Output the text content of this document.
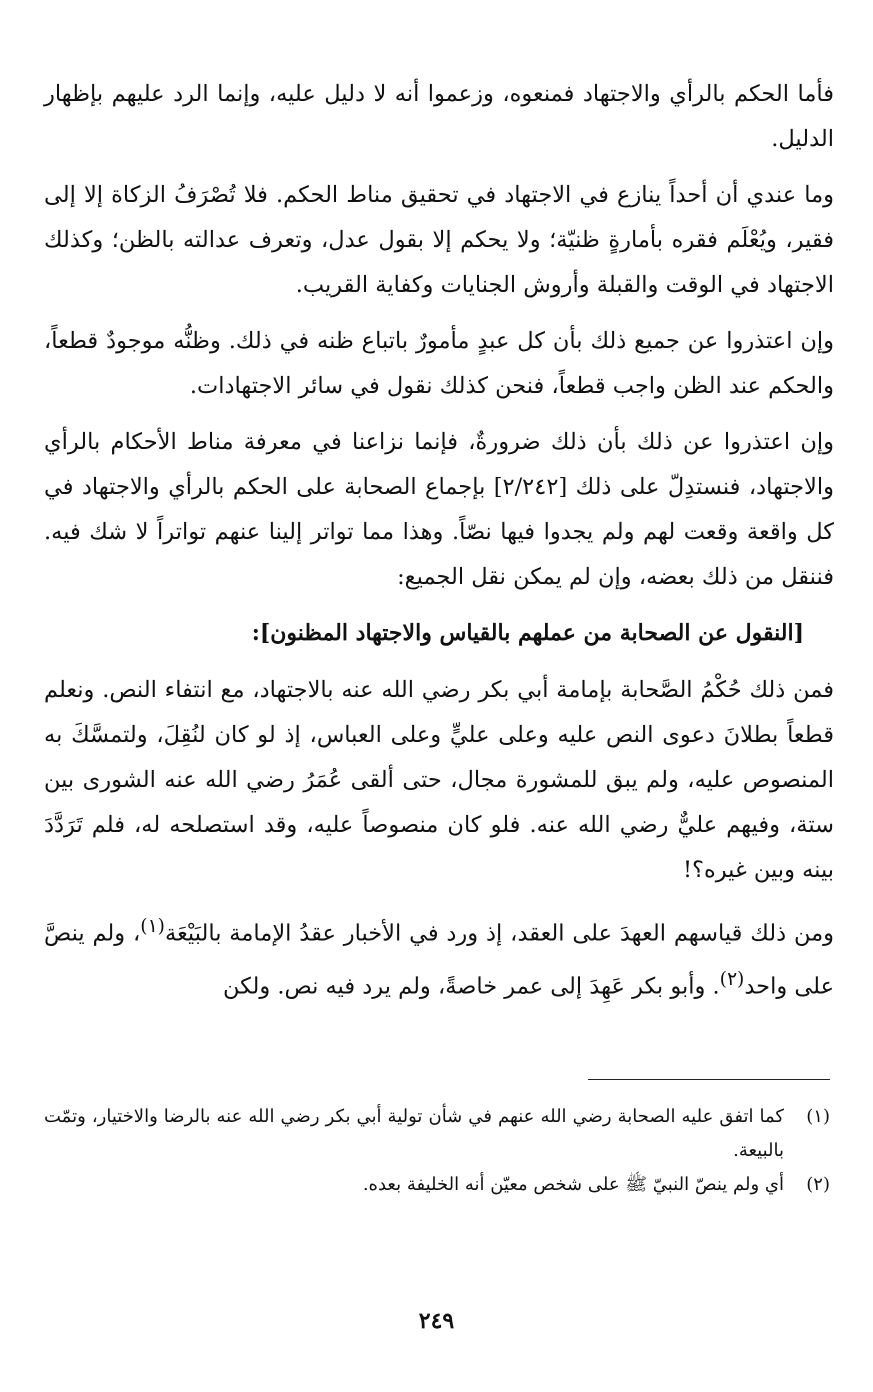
فأما الحكم بالرأي والاجتهاد فمنعوه، وزعموا أنه لا دليل عليه، وإنما الرد عليهم بإظهار الدليل.

وما عندي أن أحداً ينازع في الاجتهاد في تحقيق مناط الحكم. فلا تُصْرَفُ الزكاة إلا إلى فقير، ويُعْلَم فقره بأمارةٍ ظنيّة؛ ولا يحكم إلا بقول عدل، وتعرف عدالته بالظن؛ وكذلك الاجتهاد في الوقت والقبلة وأروش الجنايات وكفاية القريب.

وإن اعتذروا عن جميع ذلك بأن كل عبدٍ مأمورٌ باتباع ظنه في ذلك. وظنُّه موجودٌ قطعاً، والحكم عند الظن واجب قطعاً، فنحن كذلك نقول في سائر الاجتهادات.

وإن اعتذروا عن ذلك بأن ذلك ضرورةٌ، فإنما نزاعنا في معرفة مناط الأحكام بالرأي والاجتهاد، فنستدِلّ على ذلك [٢/٢٤٢] بإجماع الصحابة على الحكم بالرأي والاجتهاد في كل واقعة وقعت لهم ولم يجدوا فيها نصّاً. وهذا مما تواتر إلينا عنهم تواتراً لا شك فيه. فننقل من ذلك بعضه، وإن لم يمكن نقل الجميع:

[النقول عن الصحابة من عملهم بالقياس والاجتهاد المظنون]:

فمن ذلك حُكْمُ الصَّحابة بإمامة أبي بكر رضي الله عنه بالاجتهاد، مع انتفاء النص. ونعلم قطعاً بطلانَ دعوى النص عليه وعلى عليٍّ وعلى العباس، إذ لو كان لنُقِلَ، ولتمسَّكَ به المنصوص عليه، ولم يبق للمشورة مجال، حتى ألقى عُمَرُ رضي الله عنه الشورى بين ستة، وفيهم عليٌّ رضي الله عنه. فلو كان منصوصاً عليه، وقد استصلحه له، فلم تَرَدَّدَ بينه وبين غيره؟!

ومن ذلك قياسهم العهدَ على العقد، إذ ورد في الأخبار عقدُ الإمامة بالبَيْعَة$^{(١)}$، ولم ينصَّ على واحد$^{(٢)}$. وأبو بكر عَهِدَ إلى عمر خاصةً، ولم يرد فيه نص. ولكن

(١)
كما اتفق عليه الصحابة رضي الله عنهم في شأن تولية أبي بكر رضي الله عنه بالرضا والاختيار، وتمّت بالبيعة.
(٢)
أي ولم ينصّ النبيّ ﷺ على شخص معيّن أنه الخليفة بعده.
٢٤٩
